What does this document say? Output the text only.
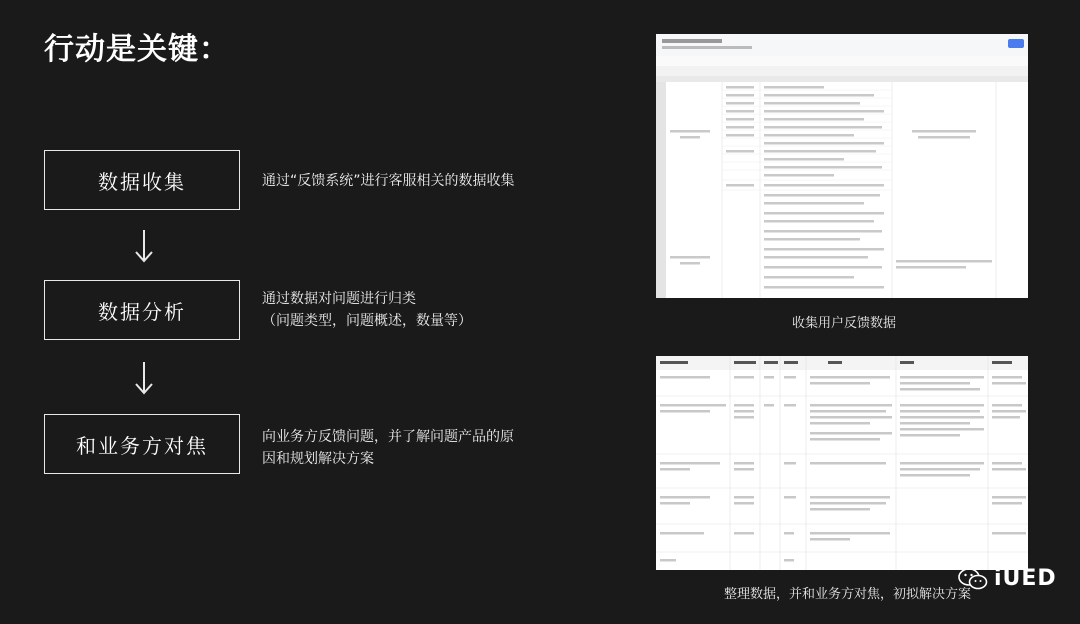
行动是关键：
数据收集	通过“反馈系统”进行客服相关的数据收集
数据分析
通过数据对问题进行归类
（问题类型，问题概述，数量等）
和业务方对焦	向业务方反馈问题，并了解问题产品的原
因和规划解决方案
收集用户反馈数据
整理数据，并和业务方对焦，初拟解决方案
iUED
